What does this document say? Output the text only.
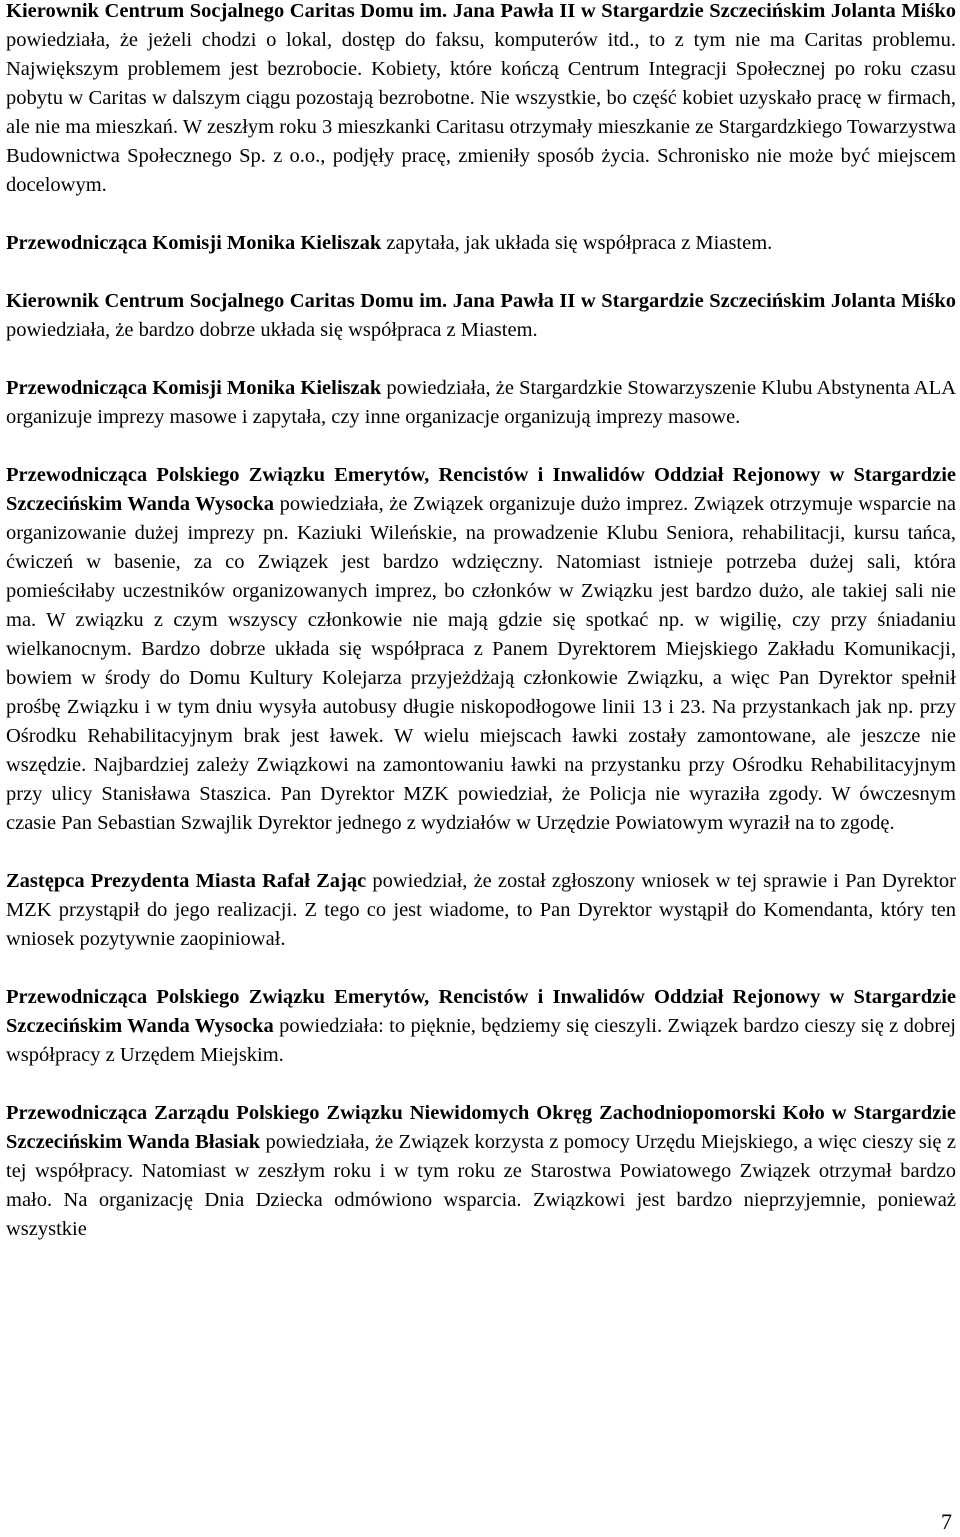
Kierownik Centrum Socjalnego Caritas Domu im. Jana Pawła II w Stargardzie Szczecińskim Jolanta Miśko powiedziała, że jeżeli chodzi o lokal, dostęp do faksu, komputerów itd., to z tym nie ma Caritas problemu. Największym problemem jest bezrobocie. Kobiety, które kończą Centrum Integracji Społecznej po roku czasu pobytu w Caritas w dalszym ciągu pozostają bezrobotne. Nie wszystkie, bo część kobiet uzyskało pracę w firmach, ale nie ma mieszkań. W zeszłym roku 3 mieszkanki Caritasu otrzymały mieszkanie ze Stargardzkiego Towarzystwa Budownictwa Społecznego Sp. z o.o., podjęły pracę, zmieniły sposób życia. Schronisko nie może być miejscem docelowym.

Przewodnicząca Komisji Monika Kieliszak zapytała, jak układa się współpraca z Miastem.

Kierownik Centrum Socjalnego Caritas Domu im. Jana Pawła II w Stargardzie Szczecińskim Jolanta Miśko powiedziała, że bardzo dobrze układa się współpraca z Miastem.

Przewodnicząca Komisji Monika Kieliszak powiedziała, że Stargardzkie Stowarzyszenie Klubu Abstynenta ALA organizuje imprezy masowe i zapytała, czy inne organizacje organizują imprezy masowe.

Przewodnicząca Polskiego Związku Emerytów, Rencistów i Inwalidów Oddział Rejonowy w Stargardzie Szczecińskim Wanda Wysocka powiedziała, że Związek organizuje dużo imprez. Związek otrzymuje wsparcie na organizowanie dużej imprezy pn. Kaziuki Wileńskie, na prowadzenie Klubu Seniora, rehabilitacji, kursu tańca, ćwiczeń w basenie, za co Związek jest bardzo wdzięczny. Natomiast istnieje potrzeba dużej sali, która pomieściłaby uczestników organizowanych imprez, bo członków w Związku jest bardzo dużo, ale takiej sali nie ma. W związku z czym wszyscy członkowie nie mają gdzie się spotkać np. w wigilię, czy przy śniadaniu wielkanocnym. Bardzo dobrze układa się współpraca z Panem Dyrektorem Miejskiego Zakładu Komunikacji, bowiem w środy do Domu Kultury Kolejarza przyjeżdżają członkowie Związku, a więc Pan Dyrektor spełnił prośbę Związku i w tym dniu wysyła autobusy długie niskopodłogowe linii 13 i 23. Na przystankach jak np. przy Ośrodku Rehabilitacyjnym brak jest ławek. W wielu miejscach ławki zostały zamontowane, ale jeszcze nie wszędzie. Najbardziej zależy Związkowi na zamontowaniu ławki na przystanku przy Ośrodku Rehabilitacyjnym przy ulicy Stanisława Staszica. Pan Dyrektor MZK powiedział, że Policja nie wyraziła zgody. W ówczesnym czasie Pan Sebastian Szwajlik Dyrektor jednego z wydziałów w Urzędzie Powiatowym wyraził na to zgodę.

Zastępca Prezydenta Miasta Rafał Zając powiedział, że został zgłoszony wniosek w tej sprawie i Pan Dyrektor MZK przystąpił do jego realizacji. Z tego co jest wiadome, to Pan Dyrektor wystąpił do Komendanta, który ten wniosek pozytywnie zaopiniował.

Przewodnicząca Polskiego Związku Emerytów, Rencistów i Inwalidów Oddział Rejonowy w Stargardzie Szczecińskim Wanda Wysocka powiedziała: to pięknie, będziemy się cieszyli. Związek bardzo cieszy się z dobrej współpracy z Urzędem Miejskim.

Przewodnicząca Zarządu Polskiego Związku Niewidomych Okręg Zachodniopomorski Koło w Stargardzie Szczecińskim Wanda Błasiak powiedziała, że Związek korzysta z pomocy Urzędu Miejskiego, a więc cieszy się z tej współpracy. Natomiast w zeszłym roku i w tym roku ze Starostwa Powiatowego Związek otrzymał bardzo mało. Na organizację Dnia Dziecka odmówiono wsparcia. Związkowi jest bardzo nieprzyjemnie, ponieważ wszystkie

7
